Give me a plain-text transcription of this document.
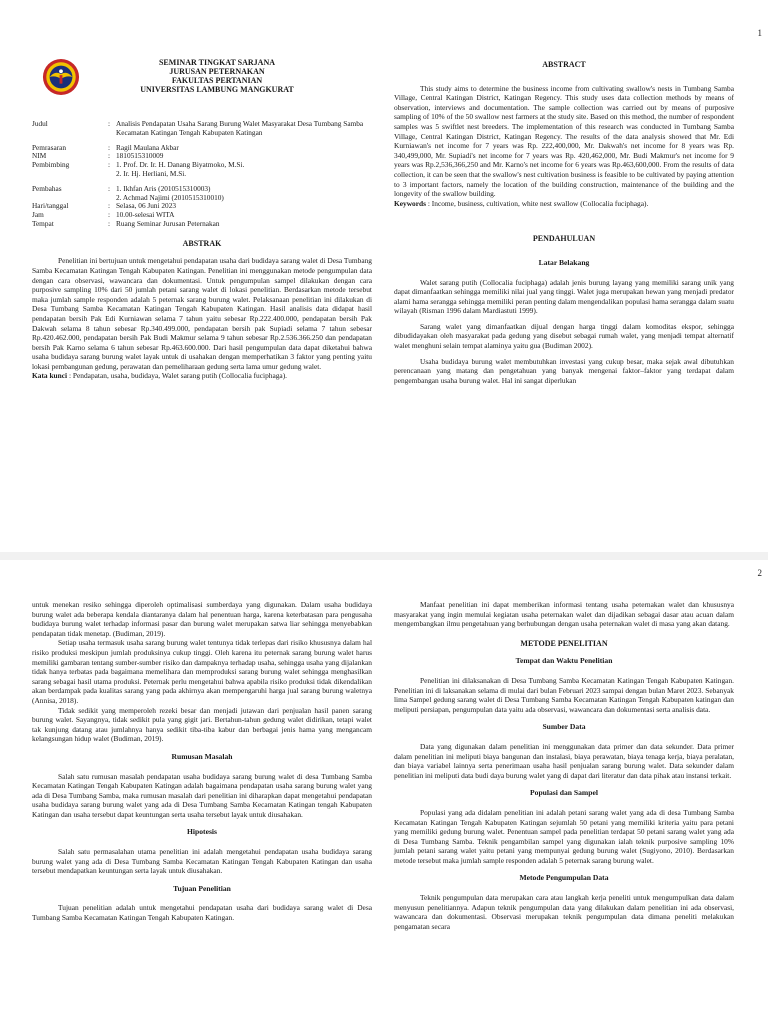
1
SEMINAR TINGKAT SARJANA
JURUSAN PETERNAKAN
FAKULTAS PERTANIAN
UNIVERSITAS LAMBUNG MANGKURAT
Judul	: Analisis Pendapatan Usaha Sarang Burung Walet Masyarakat Desa Tumbang Samba Kecamatan Katingan Tengah Kabupaten Katingan
Pemrasaran	: Ragil Maulana Akbar
NIM	: 1810515310009
Pembimbing	: 1. Prof. Dr. Ir. H. Danang Biyatmoko, M.Si.
2. Ir. Hj. Herliani, M.Si.
Pembahas	: 1. Ikhfan Aris (2010515310003)
2. Achmad Najimi (2010515310010)
Hari/tanggal	: Selasa, 06 Juni 2023
Jam	: 10.00-selesai WITA
Tempat	: Ruang Seminar Jurusan Peternakan
ABSTRAK

Penelitian ini bertujuan untuk mengetahui pendapatan usaha dari budidaya sarang walet di Desa Tumbang Samba Kecamatan Katingan Tengah Kabupaten Katingan. Penelitian ini menggunakan metode pengumpulan data dengan cara observasi, wawancara dan dokumentasi. Untuk pengumpulan sampel dilakukan dengan cara purposive sampling 10% dari 50 jumlah petani sarang walet di lokasi penelitian. Berdasarkan metode tersebut maka jumlah sample responden adalah 5 peternak sarang burung walet. Pelaksanaan penelitian ini dilakukan di Desa Tumbang Samba Kecamatan Katingan Tengah Kabupaten Katingan. Hasil analisis data didapat hasil pendapatan bersih Pak Edi Kurniawan selama 7 tahun yaitu sebesar Rp.222.400.000, pendapatan bersih Pak Dakwah selama 8 tahun sebesar Rp.340.499.000, pendapatan bersih pak Supiadi selama 7 tahun sebesar Rp.420.462.000, pendapatan bersih Pak Budi Makmur selama 9 tahun sebesar Rp.2.536.366.250 dan pendapatan bersih Pak Karno selama 6 tahun sebesar Rp.463.600.000. Dari hasil pengumpulan data dapat diketahui bahwa usaha budidaya sarang burung walet layak untuk di usahakan dengan memperhatikan 3 faktor yang penting yaitu lokasi pembangunan gedung, perawatan dan pemeliharaan gedung serta lama umur gedung walet.

Kata kunci : Pendapatan, usaha, budidaya, Walet sarang putih (Collocalia fuciphaga).

ABSTRACT

This study aims to determine the business income from cultivating swallow's nests in Tumbang Samba Village, Central Katingan District, Katingan Regency. This study uses data collection methods by means of observation, interviews and documentation. The sample collection was carried out by means of purposive sampling of 10% of the 50 swallow nest farmers at the study site. Based on this method, the number of respondent samples was 5 swiftlet nest breeders. The implementation of this research was conducted in Tumbang Samba Village, Central Katingan District, Katingan Regency. The results of the data analysis showed that Mr. Edi Kurniawan's net income for 7 years was Rp. 222,400,000, Mr. Dakwah's net income for 8 years was Rp. 340,499,000, Mr. Supiadi's net income for 7 years was Rp. 420,462,000, Mr. Budi Makmur's net income for 9 years was Rp.2,536,366,250 and Mr. Karno's net income for 6 years was Rp.463,600,000. From the results of data collection, it can be seen that the swallow's nest cultivation business is feasible to be cultivated by paying attention to 3 important factors, namely the location of the building construction, maintenance of the building and the longevity of the swallow building.

Keywords : Income, business, cultivation, white nest swallow (Collocalia fuciphaga).

PENDAHULUAN
Latar Belakang

Walet sarang putih (Collocalia fuciphaga) adalah jenis burung layang yang memiliki sarang unik yang dapat dimanfaatkan sehingga memiliki nilai jual yang tinggi. Walet juga merupakan hewan yang menjadi predator alami hama serangga sehingga memiliki peran penting dalam mengendalikan populasi hama serangga dalam suatu wilayah (Risman 1996 dalam Mardiastuti 1999).

Sarang walet yang dimanfaatkan dijual dengan harga tinggi dalam komoditas ekspor, sehingga dibudidayakan oleh masyarakat pada gedung yang disebut sebagai rumah walet, yang menjadi tempat alternatif walet menghuni selain tempat alaminya yaitu gua (Budiman 2002).

Usaha budidaya burung walet membutuhkan investasi yang cukup besar, maka sejak awal dibutuhkan perencanaan yang matang dan pengetahuan yang banyak mengenai faktor–faktor yang terdapat dalam pengembangan usaha burung walet. Hal ini sangat diperlukan

2

untuk menekan resiko sehingga diperoleh optimalisasi sumberdaya yang digunakan. Dalam usaha budidaya burung walet ada beberapa kendala diantaranya dalam hal penentuan harga, karena keterbatasan para pengusaha budidaya burung walet terhadap informasi pasar dan burung walet merupakan satwa liar sehingga menyebabkan pendapatan tidak menetap. (Budiman, 2019).

Setiap usaha termasuk usaha sarang burung walet tentunya tidak terlepas dari risiko khususnya dalam hal risiko produksi meskipun jumlah produksinya cukup tinggi. Oleh karena itu peternak sarang burung walet harus memiliki gambaran tentang sumber-sumber risiko dan dampaknya terhadap usaha, sehingga usaha yang dijalankan tidak hanya terbatas pada bagaimana memelihara dan memproduksi sarang burung walet sehingga menghasilkan sarang sebagai hasil utama produksi. Peternak perlu mengetahui bahwa apabila risiko produksi tidak dikendalikan akan berdampak pada kualitas sarang yang pada akhirnya akan mempengaruhi harga jual sarang burung waletnya (Annisa, 2018).

Tidak sedikit yang memperoleh rezeki besar dan menjadi jutawan dari penjualan hasil panen sarang burung walet. Sayangnya, tidak sedikit pula yang gigit jari. Bertahun-tahun gedung walet didirikan, tetapi walet tak kunjung datang atau jumlahnya hanya sedikit tiba-tiba kabur dan berbagai jenis hama yang mengancam kelangsungan hidup walet (Budiman, 2019).

Rumusan Masalah

Salah satu rumusan masalah pendapatan usaha budidaya sarang burung walet di desa Tumbang Samba Kecamatan Katingan Tengah Kabupaten Katingan adalah bagaimana pendapatan usaha sarang burung walet yang ada di Desa Tumbang Samba, maka rumusan masalah dari penelitian ini diharapkan dapat mengetahui pendapatan usaha budidaya sarang burung walet yang ada di Desa Tumbang Samba Kecamatan Katingan tengah Kabupaten Katingan dan usaha tersebut dapat keuntungan serta usaha tersebut layak untuk diusahakan.

Hipotesis

Salah satu permasalahan utama penelitian ini adalah mengetahui pendapatan usaha budidaya sarang burung walet yang ada di Desa Tumbang Samba Kecamatan Katingan Tengah Kabupaten Katingan dan usaha tersebut mendapatkan keuntungan serta layak untuk diusahakan.

Tujuan Penelitian

Tujuan penelitian adalah untuk mengetahui pendapatan usaha dari budidaya sarang walet di Desa Tumbang Samba Kecamatan Katingan Tengah Kabupaten Katingan.

Manfaat penelitian ini dapat memberikan informasi tentang usaha peternakan walet dan khususnya masyarakat yang ingin memulai kegiatan usaha peternakan walet dan dijadikan sebagai dasar atau acuan dalam mengembangkan ilmu pengetahuan yang berhubungan dengan usaha peternakan walet di masa yang akan datang.

METODE PENELITIAN
Tempat dan Waktu Penelitian

Penelitian ini dilaksanakan di Desa Tumbang Samba Kecamatan Katingan Tengah Kabupaten Katingan. Penelitian ini di laksanakan selama di mulai dari bulan Februari 2023 sampai dengan bulan Maret 2023. Sebanyak lima Sampel gedung sarang walet di Desa Tumbang Samba Kecamatan Katingan Tengah Kabupaten katingan dan meliputi persiapan, pengumpulan data yaitu ada observasi, wawancara dan dokumentasi serta analisis data.

Sumber Data

Data yang digunakan dalam penelitian ini menggunakan data primer dan data sekunder. Data primer dalam penelitian ini meliputi biaya bangunan dan instalasi, biaya perawatan, biaya tenaga kerja, biaya peralatan, dan biaya variabel lainnya serta penerimaan usaha hasil penjualan sarang burung walet. Data sekunder dalam penelitian ini meliputi data budi daya burung walet yang di dapat dari literatur dan data pihak atau instansi terkait.

Populasi dan Sampel

Populasi yang ada didalam penelitian ini adalah petani sarang walet yang ada di desa Tumbang Samba Kecamatan Katingan Tengah Kabupaten Katingan sejumlah 50 petani yang memiliki kriteria yaitu para petani yang memiliki gedung burung walet. Penentuan sampel pada penelitian terdapat 50 petani sarang walet yang ada di Desa Tumbang Samba. Teknik pengambilan sampel yang digunakan ialah teknik purposive sampling 10% jumlah petani sarang walet yaitu petani yang mempunyai gedung burung walet (Sugiyono, 2010). Berdasarkan metode tersebut maka jumlah sample responden adalah 5 peternak sarang burung walet.

Metode Pengumpulan Data

Teknik pengumpulan data merupakan cara atau langkah kerja peneliti untuk mengumpulkan data dalam menyusun penelitiannya. Adapun teknik pengumpulan data yang dilakukan dalam penelitian ini ada observasi, wawancara dan dokumentasi. Observasi merupakan teknik pengumpulan data dimana peneliti melakukan pengamatan secara
